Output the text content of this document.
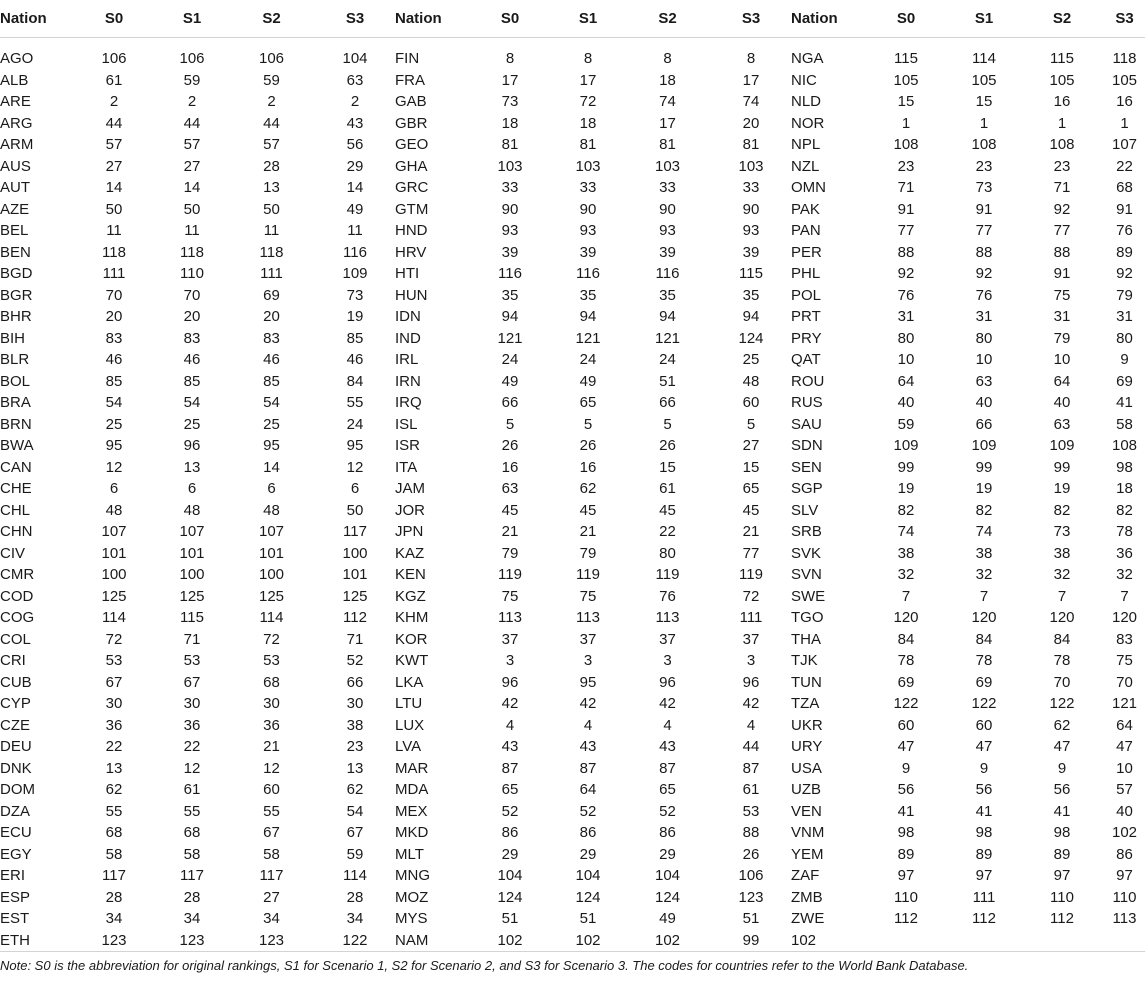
Nation	S0	S1	S2	S3	Nation	S0	S1	S2	S3	Nation	S0	S1	S2	S3

AGO	106	106	106	104	FIN	8	8	8	8	NGA	115	114	115	118
ALB	61	59	59	63	FRA	17	17	18	17	NIC	105	105	105	105
ARE	2	2	2	2	GAB	73	72	74	74	NLD	15	15	16	16
ARG	44	44	44	43	GBR	18	18	17	20	NOR	1	1	1	1
ARM	57	57	57	56	GEO	81	81	81	81	NPL	108	108	108	107
AUS	27	27	28	29	GHA	103	103	103	103	NZL	23	23	23	22
AUT	14	14	13	14	GRC	33	33	33	33	OMN	71	73	71	68
AZE	50	50	50	49	GTM	90	90	90	90	PAK	91	91	92	91
BEL	11	11	11	11	HND	93	93	93	93	PAN	77	77	77	76
BEN	118	118	118	116	HRV	39	39	39	39	PER	88	88	88	89
BGD	111	110	111	109	HTI	116	116	116	115	PHL	92	92	91	92
BGR	70	70	69	73	HUN	35	35	35	35	POL	76	76	75	79
BHR	20	20	20	19	IDN	94	94	94	94	PRT	31	31	31	31
BIH	83	83	83	85	IND	121	121	121	124	PRY	80	80	79	80
BLR	46	46	46	46	IRL	24	24	24	25	QAT	10	10	10	9
BOL	85	85	85	84	IRN	49	49	51	48	ROU	64	63	64	69
BRA	54	54	54	55	IRQ	66	65	66	60	RUS	40	40	40	41
BRN	25	25	25	24	ISL	5	5	5	5	SAU	59	66	63	58
BWA	95	96	95	95	ISR	26	26	26	27	SDN	109	109	109	108
CAN	12	13	14	12	ITA	16	16	15	15	SEN	99	99	99	98
CHE	6	6	6	6	JAM	63	62	61	65	SGP	19	19	19	18
CHL	48	48	48	50	JOR	45	45	45	45	SLV	82	82	82	82
CHN	107	107	107	117	JPN	21	21	22	21	SRB	74	74	73	78
CIV	101	101	101	100	KAZ	79	79	80	77	SVK	38	38	38	36
CMR	100	100	100	101	KEN	119	119	119	119	SVN	32	32	32	32
COD	125	125	125	125	KGZ	75	75	76	72	SWE	7	7	7	7
COG	114	115	114	112	KHM	113	113	113	111	TGO	120	120	120	120
COL	72	71	72	71	KOR	37	37	37	37	THA	84	84	84	83
CRI	53	53	53	52	KWT	3	3	3	3	TJK	78	78	78	75
CUB	67	67	68	66	LKA	96	95	96	96	TUN	69	69	70	70
CYP	30	30	30	30	LTU	42	42	42	42	TZA	122	122	122	121
CZE	36	36	36	38	LUX	4	4	4	4	UKR	60	60	62	64
DEU	22	22	21	23	LVA	43	43	43	44	URY	47	47	47	47
DNK	13	12	12	13	MAR	87	87	87	87	USA	9	9	9	10
DOM	62	61	60	62	MDA	65	64	65	61	UZB	56	56	56	57
DZA	55	55	55	54	MEX	52	52	52	53	VEN	41	41	41	40
ECU	68	68	67	67	MKD	86	86	86	88	VNM	98	98	98	102
EGY	58	58	58	59	MLT	29	29	29	26	YEM	89	89	89	86
ERI	117	117	117	114	MNG	104	104	104	106	ZAF	97	97	97	97
ESP	28	28	27	28	MOZ	124	124	124	123	ZMB	110	111	110	110
EST	34	34	34	34	MYS	51	51	49	51	ZWE	112	112	112	113
ETH	123	123	123	122	NAM	102	102	102	99	102				
Note: S0 is the abbreviation for original rankings, S1 for Scenario 1, S2 for Scenario 2, and S3 for Scenario 3. The codes for countries refer to the World Bank Database.
